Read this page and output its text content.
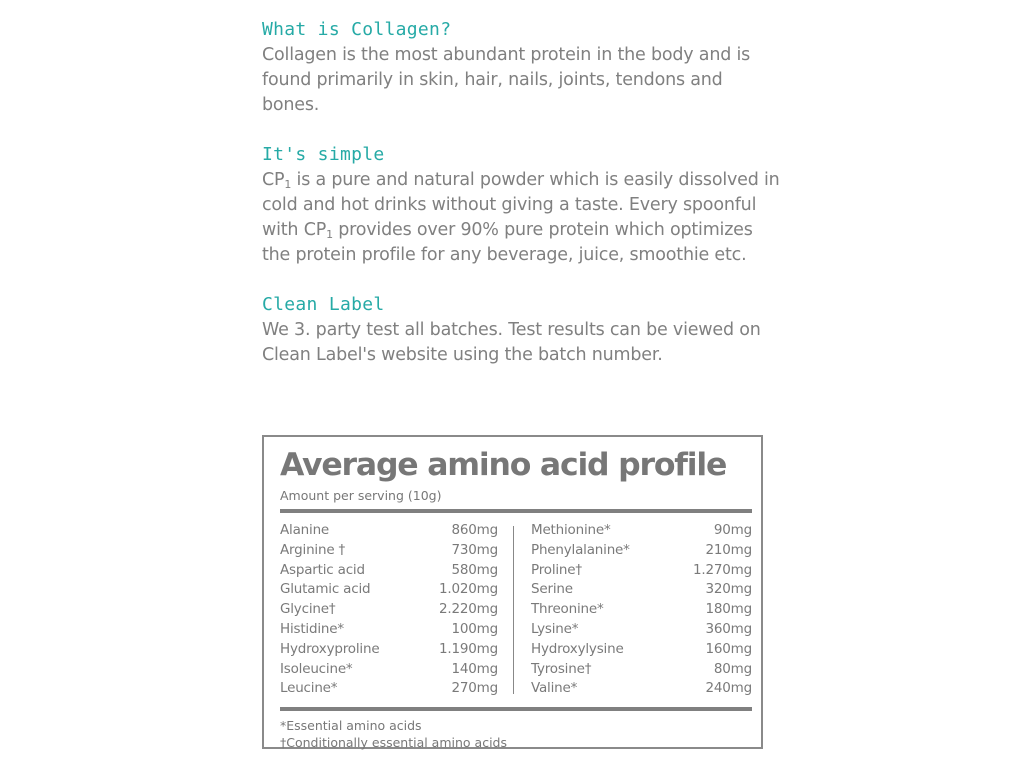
What is Collagen?
Collagen is the most abundant protein in the body and is found primarily in skin, hair, nails, joints, tendons and bones.
It's simple
$CP_1$ is a pure and natural powder which is easily dissolved in cold and hot drinks without giving a taste. Every spoonful with $CP_1$ provides over 90% pure protein which optimizes the protein profile for any beverage, juice, smoothie etc.
Clean Label
We 3. party test all batches. Test results can be viewed on Clean Label's website using the batch number.
Average amino acid profile
Amount per serving (10g)
Alanine	860mg
Arginine †	730mg
Aspartic acid	580mg
Glutamic acid	1.020mg
Glycine†	2.220mg
Histidine*	100mg
Hydroxyproline	1.190mg
Isoleucine*	140mg
Leucine*	270mg
Methionine*	90mg
Phenylalanine*	210mg
Proline†	1.270mg
Serine	320mg
Threonine*	180mg
Lysine*	360mg
Hydroxylysine	160mg
Tyrosine†	80mg
Valine*	240mg
*Essential amino acids
†Conditionally essential amino acids
